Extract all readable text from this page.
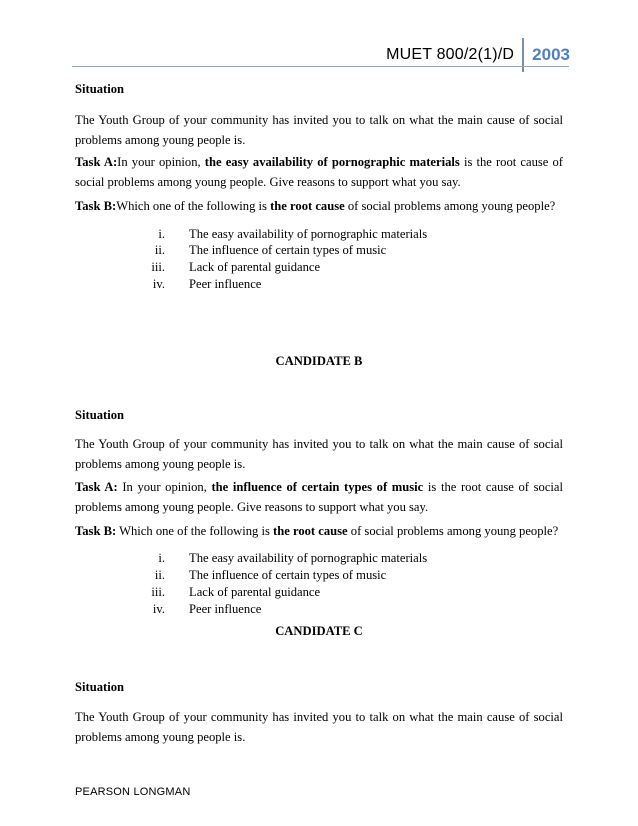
MUET 800/2(1)/D 2003
Situation
The Youth Group of your community has invited you to talk on what the main cause of social problems among young people is.
Task A:In your opinion, the easy availability of pornographic materials is the root cause of social problems among young people. Give reasons to support what you say.
Task B:Which one of the following is the root cause of social problems among young people?
i. The easy availability of pornographic materials
ii. The influence of certain types of music
iii. Lack of parental guidance
iv. Peer influence
CANDIDATE B
Situation
The Youth Group of your community has invited you to talk on what the main cause of social problems among young people is.
Task A: In your opinion, the influence of certain types of music is the root cause of social problems among young people. Give reasons to support what you say.
Task B: Which one of the following is the root cause of social problems among young people?
i. The easy availability of pornographic materials
ii. The influence of certain types of music
iii. Lack of parental guidance
iv. Peer influence
CANDIDATE C
Situation
The Youth Group of your community has invited you to talk on what the main cause of social problems among young people is.
PEARSON LONGMAN
